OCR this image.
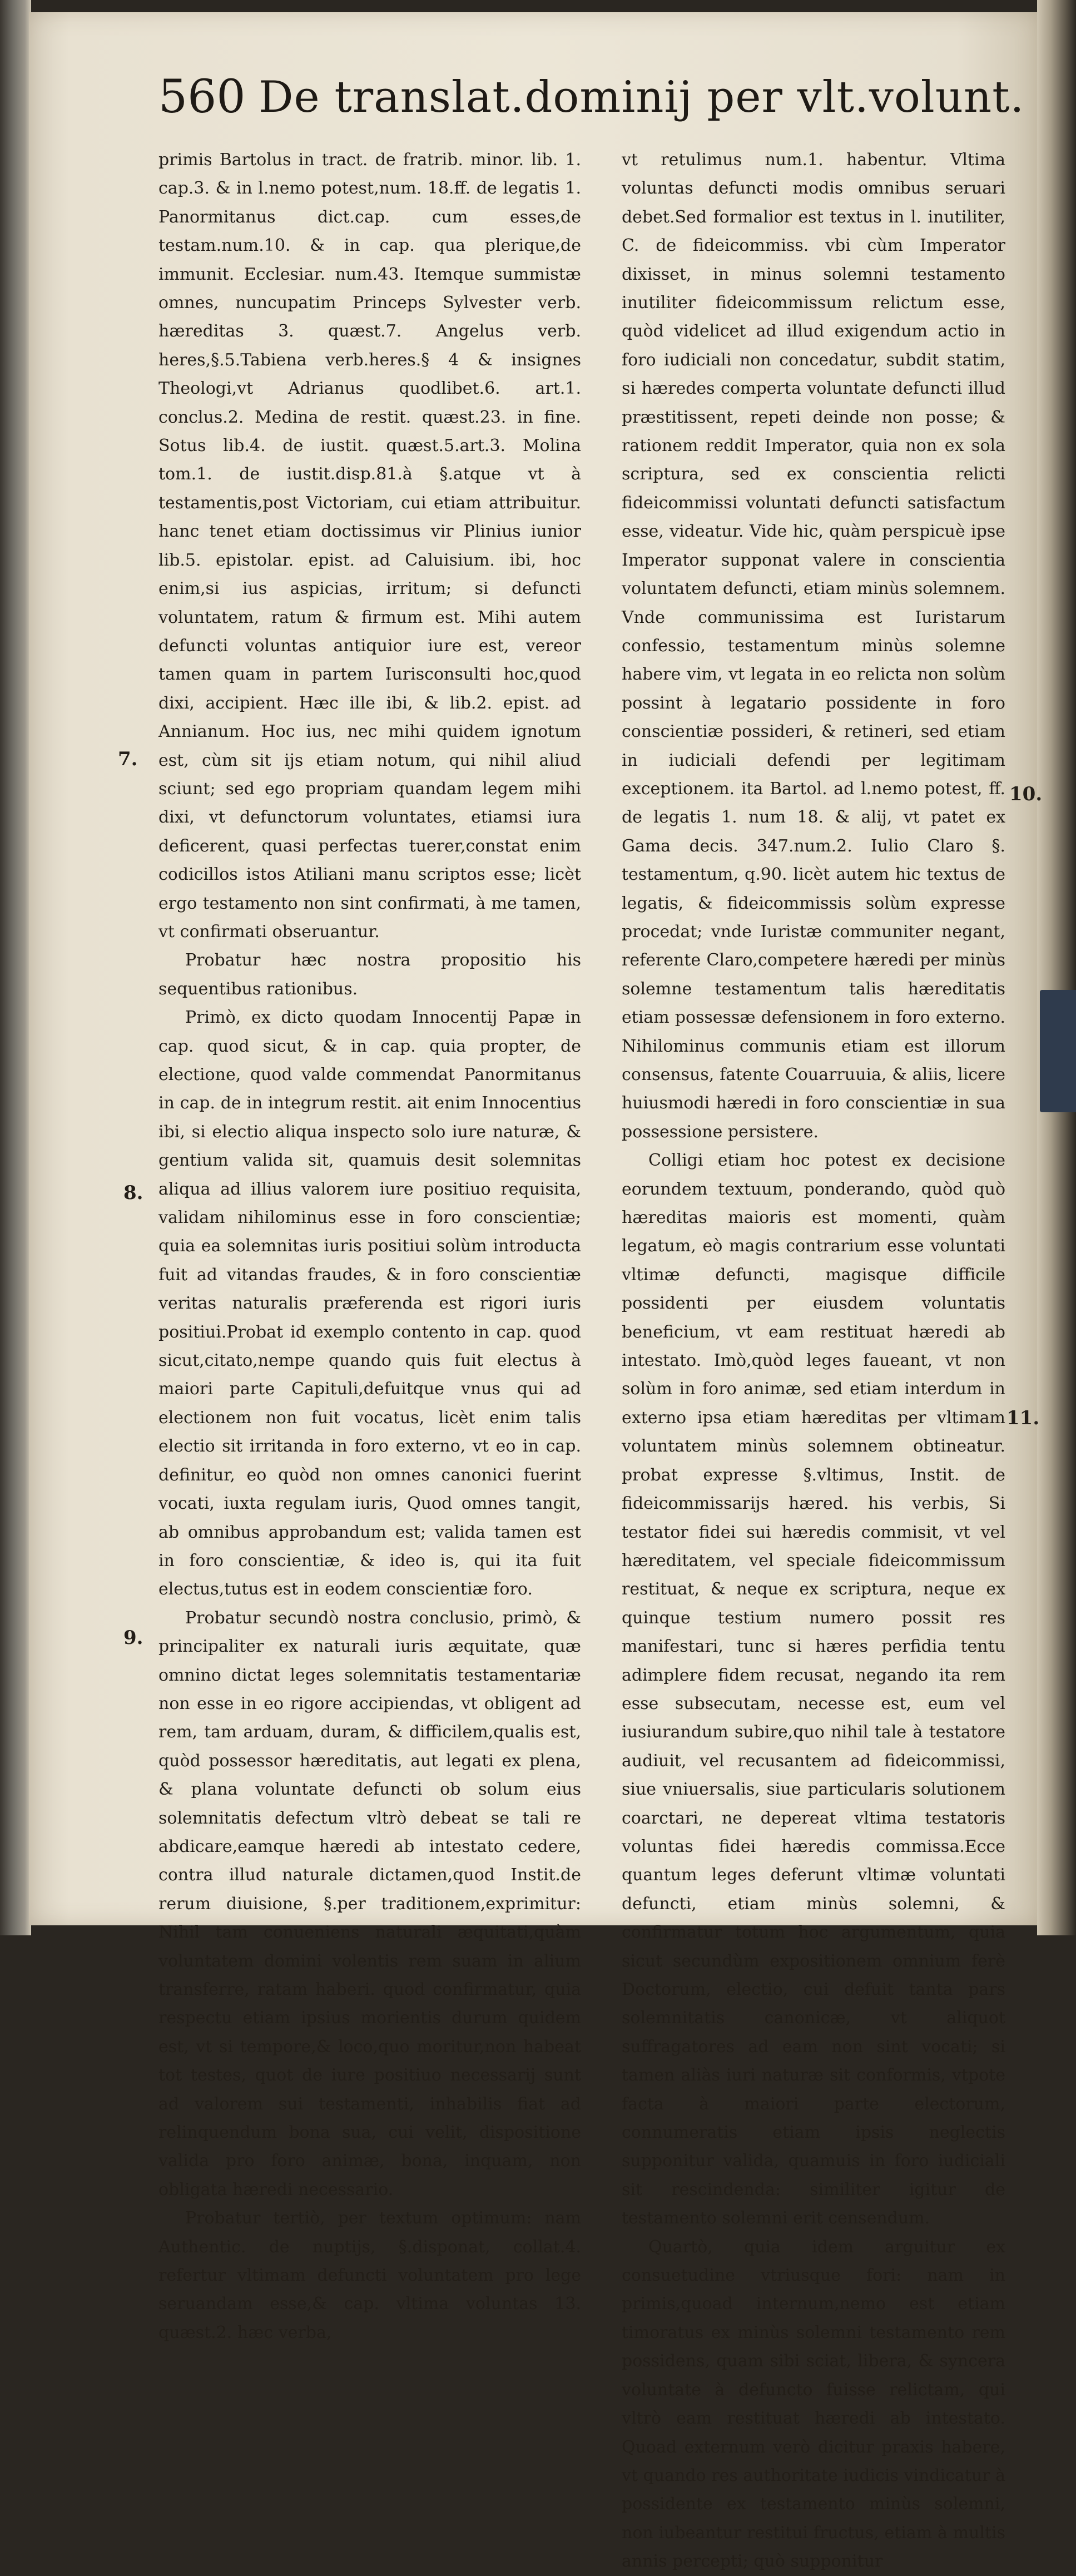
560 De translat.dominij per vlt.volunt.

primis Bartolus in tract. de fratrib. minor. lib. 1. cap.3. & in l.nemo potest,num. 18.ff. de legatis 1. Panormitanus dict.cap. cum esses,de testam.num.10. & in cap. qua plerique,de immunit. Ecclesiar. num.43. Itemque summistæ omnes, nuncupatim Princeps Sylvester verb. hæreditas 3. quæst.7. Angelus verb. heres,§.5.Tabiena verb.heres.§ 4 & insignes Theologi,vt Adrianus quodlibet.6. art.1. conclus.2. Medina de restit. quæst.23. in fine. Sotus lib.4. de iustit. quæst.5.art.3. Molina tom.1. de iustit.disp.81.à §.atque vt à testamentis,post Victoriam, cui etiam attribuitur. hanc tenet etiam doctissimus vir Plinius iunior lib.5. epistolar. epist. ad Caluisium. ibi, hoc enim,si ius aspicias, irritum; si defuncti voluntatem, ratum & firmum est. Mihi autem defuncti voluntas antiquior iure est, vereor tamen quam in partem Iurisconsulti hoc,quod dixi, accipient. Hæc ille ibi, & lib.2. epist. ad Annianum. Hoc ius, nec mihi quidem ignotum est, cùm sit ijs etiam notum, qui nihil aliud sciunt; sed ego propriam quandam legem mihi dixi, vt defunctorum voluntates, etiamsi iura deficerent, quasi perfectas tuerer,constat enim codicillos istos Atiliani manu scriptos esse; licèt ergo testamento non sint confirmati, à me tamen, vt confirmati obseruantur.

Probatur hæc nostra propositio his sequentibus rationibus.

Primò, ex dicto quodam Innocentij Papæ in cap. quod sicut, & in cap. quia propter, de electione, quod valde commendat Panormitanus in cap. de in integrum restit. ait enim Innocentius ibi, si electio aliqua inspecto solo iure naturæ, & gentium valida sit, quamuis desit solemnitas aliqua ad illius valorem iure positiuo requisita, validam nihilominus esse in foro conscientiæ; quia ea solemnitas iuris positiui solùm introducta fuit ad vitandas fraudes, & in foro conscientiæ veritas naturalis præferenda est rigori iuris positiui.Probat id exemplo contento in cap. quod sicut,citato,nempe quando quis fuit electus à maiori parte Capituli,defuitque vnus qui ad electionem non fuit vocatus, licèt enim talis electio sit irritanda in foro externo, vt eo in cap. definitur, eo quòd non omnes canonici fuerint vocati, iuxta regulam iuris, Quod omnes tangit, ab omnibus approbandum est; valida tamen est in foro conscientiæ, & ideo is, qui ita fuit electus,tutus est in eodem conscientiæ foro.

Probatur secundò nostra conclusio, primò, & principaliter ex naturali iuris æquitate, quæ omnino dictat leges solemnitatis testamentariæ non esse in eo rigore accipiendas, vt obligent ad rem, tam arduam, duram, & difficilem,qualis est, quòd possessor hæreditatis, aut legati ex plena, & plana voluntate defuncti ob solum eius solemnitatis defectum vltrò debeat se tali re abdicare,eamque hæredi ab intestato cedere, contra illud naturale dictamen,quod Instit.de rerum diuisione, §.per traditionem,exprimitur: Nihil tam conueniens naturali æquitati,quàm voluntatem domini volentis rem suam in alium transferre, ratam haberi. quod confirmatur, quia respectu etiam ipsius morientis durum quidem est, vt si tempore,& loco,quo moritur,non habeat tot testes, quot de iure positiuo necessarij sunt ad valorem sui testamenti, inhabilis fiat ad relinquendum bona sua, cui velit, dispositione valida pro foro animæ, bona, inquam, non obligata hæredi necessario.

Probatur tertiò, per textum optimum: nam Authentic. de nuptijs, §.disponat, collat.4. refertur vltimam defuncti voluntatem pro lege seruandam esse,& cap. vltima voluntas 13. quæst.2. hæc verba,

vt retulimus num.1. habentur. Vltima voluntas defuncti modis omnibus seruari debet.Sed formalior est textus in l. inutiliter, C. de fideicommiss. vbi cùm Imperator dixisset, in minus solemni testamento inutiliter fideicommissum relictum esse, quòd videlicet ad illud exigendum actio in foro iudiciali non concedatur, subdit statim, si hæredes comperta voluntate defuncti illud præstitissent, repeti deinde non posse; & rationem reddit Imperator, quia non ex sola scriptura, sed ex conscientia relicti fideicommissi voluntati defuncti satisfactum esse, videatur. Vide hic, quàm perspicuè ipse Imperator supponat valere in conscientia voluntatem defuncti, etiam minùs solemnem. Vnde communissima est Iuristarum confessio, testamentum minùs solemne habere vim, vt legata in eo relicta non solùm possint à legatario possidente in foro conscientiæ possideri, & retineri, sed etiam in iudiciali defendi per legitimam exceptionem. ita Bartol. ad l.nemo potest, ff. de legatis 1. num 18. & alij, vt patet ex Gama decis. 347.num.2. Iulio Claro §. testamentum, q.90. licèt autem hic textus de legatis, & fideicommissis solùm expresse procedat; vnde Iuristæ communiter negant, referente Claro,competere hæredi per minùs solemne testamentum talis hæreditatis etiam possessæ defensionem in foro externo. Nihilominus communis etiam est illorum consensus, fatente Couarruuia, & aliis, licere huiusmodi hæredi in foro conscientiæ in sua possessione persistere.

Colligi etiam hoc potest ex decisione eorundem textuum, ponderando, quòd quò hæreditas maioris est momenti, quàm legatum, eò magis contrarium esse voluntati vltimæ defuncti, magisque difficile possidenti per eiusdem voluntatis beneficium, vt eam restituat hæredi ab intestato. Imò,quòd leges faueant, vt non solùm in foro animæ, sed etiam interdum in externo ipsa etiam hæreditas per vltimam voluntatem minùs solemnem obtineatur. probat expresse §.vltimus, Instit. de fideicommissarijs hæred. his verbis, Si testator fidei sui hæredis commisit, vt vel hæreditatem, vel speciale fideicommissum restituat, & neque ex scriptura, neque ex quinque testium numero possit res manifestari, tunc si hæres perfidia tentu adimplere fidem recusat, negando ita rem esse subsecutam, necesse est, eum vel iusiurandum subire,quo nihil tale à testatore audiuit, vel recusantem ad fideicommissi, siue vniuersalis, siue particularis solutionem coarctari, ne depereat vltima testatoris voluntas fidei hæredis commissa.Ecce quantum leges deferunt vltimæ voluntati defuncti, etiam minùs solemni, & confirmatur totum hoc argumentum, quia sicut secundùm expositionem omnium ferè Doctorum, electio, cui defuit tanta pars solemnitatis canonicæ, vt aliquot suffragatores ad eam non sint vocati; si tamen aliàs iuri naturæ sit conformis, vtpote facta à maiori parte electorum, connumeratis etiam ipsis neglectis supponitur valida, quamuis in foro iudiciali sit rescindenda: similiter igitur de testamento solemni erit censendum.

Quartò, quia idem arguitur ex consuetudine vtriusque fori: nam in primis,quoad internum,nemo est etiam timoratus ex minùs solemni testamento rem possidens, quam sibi sciat, libera, & syncera voluntate à defuncto fuisse relictam, qui vltrò eam restituat hæredi ab intestato. Quoad externum verò dicitur praxis habere, vt quando res authoritate iudicis vindicatur à possidente ex testamento minùs solemni, non iubeantur restitui fructus, etiam à multis annis percepti; quò supponitur

7.
8.
9.
10.
11.
